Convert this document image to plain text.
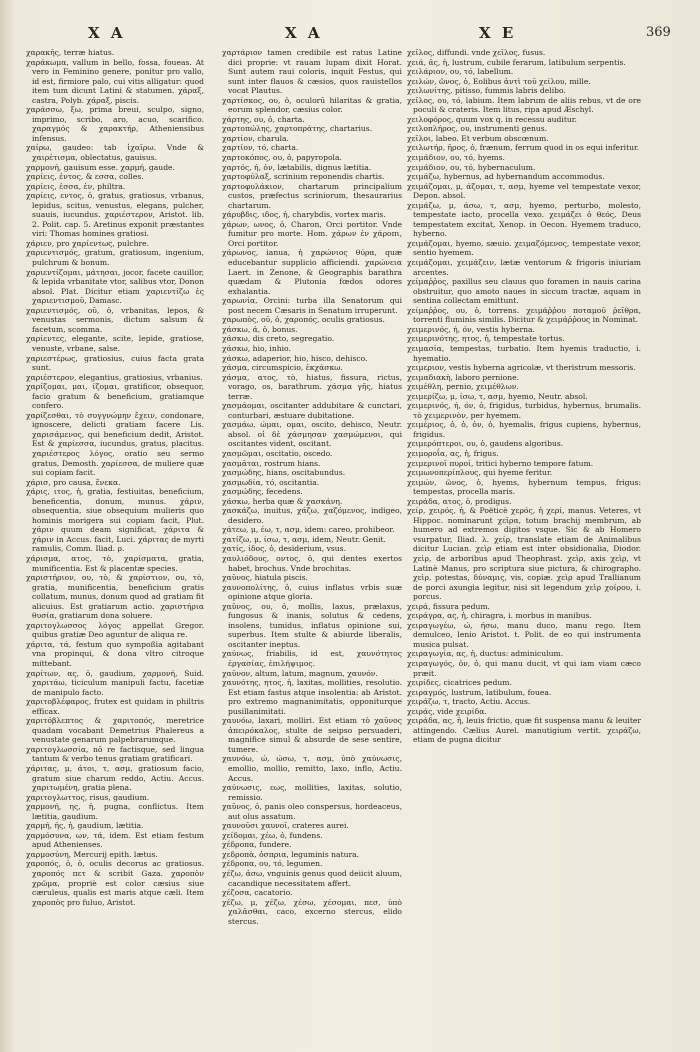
X A	X A	X E	369

χαρακῆς, terræ hiatus.

χαράκωμα, vallum in bello, fossa, foueas. At vero in Feminino genere, ponitur pro vallo, id est, firmiore palo, cui vitis alligatur: quod item tum dicunt Latini & statumen. χάραξ, castra, Polyb. χάραξ, piscis.

χαράσσω, ξω, prima breui, sculpo, signo, imprimo, scribo, aro, acuo, scarifico. χαραγμός & χαρακτήρ, Atheniensibus infensus.

χαίρω, gaudeo: tab ἰχαῖρω. Vnde & χαιρέτισμα, oblectatus, gauisus.

χαρμονή, gauisum esse. χαρμή, gaude.

χαρίεις, ἐντος, & εσσα, colles.

χαρίεις, ἐσσα, ἐν, philtra.

χαρίεις, εντος, ὁ, gratus, gratiosus, vrbanus, lepidus, scitus, venustus, elegans, pulcher, suauis, iucundus. χαριέστερον, Aristot. lib. 2. Polit. cap. 5. Aretinus exponit præstantes viri: Thomas homines gratiosi.

χάριεν, pro χαρίεντως, pulchre.

χαριεντισμός, gratum, gratiosum, ingenium, pulchrum & bonum.

χαριεντίζομαι, μάτησαι, jocor, facete cauillor, & lepida vrbanitate vtor, salibus vtor, Donon absol. Plat. Dicitur etiam χαριεντίζω ἐς χαριεντισμοῦ, Damasc.

χαριεντισμός, οῦ, ὁ, vrbanitas, lepos, & venustas sermonis, dictum salsum & facetum, scomma.

χαρίεντες, elegante, scite, lepide, gratiose, venuste, vrbane, salse.

χαριεστέρως, gratiosius, cuius facta grata sunt.

χαριέστερον, elegantius, gratiosius, vrbanius.

χαρίζομαι, μαι, ίζομαι, gratificor, obsequor, facio gratum & beneficium, gratiamque confero.

χαρίζεσθαι, τὸ συγγνώμην ἔχειν, condonare, ignoscere, delicti gratiam facere Lis. χαρισάμενος, qui beneficium dedit, Aristot. Est & χαρίεσσα, iucundus, gratus, placitus. χαριέστερος λόγος, oratio seu sermo gratus, Demosth. χαρίεσσα, de muliere quæ sui copiam facit.

χάρισ, pro causa, ἕνεκα.

χάρις, ιτος, ἡ, gratia, festiuitas, beneficium, beneficentia, donum, munus. χάριν, obsequentia, siue obsequium mulieris quo hominis morigera sui copiam facit, Plut. χάριν quum deam significat, χάριτα & χάριν in Accus. facit, Luci. χάριτας de myrti ramulis, Comm. Iliad. ρ.

χάρισμα, ατος, τὸ, χαρίσματα, gratia, munificentia. Est & placentæ species.

χαριστήριον, ου, τὸ, & χαρίστιον, ου, τὸ, gratia, munificentia, beneficium gratis collatum, munus, donum quod ad gratiam fit alicuius. Est gratiarum actio. χαριστήρια θυσία, gratiarum dona soluere.

χαριτογλωσσος λόγος appellat Gregor. quibus gratiæ Deo aguntur de aliqua re.

χάριτα, τά, festum quo sympoßia agitabant vna propinqui, & dona vltro citroque mittebant.

χαρίτων, ας, ὁ, gaudium, χαρμονή, Suid. χαριτάω, ticiculum manipuli factu, facetiæ de manipulo facto.

χαριτοβλέφαρος, frutex est quidam in philtris efficax.

χαριτόβλεπτος & χαριτοπός, meretrice quadam vocabant Demetrius Phalereus a venustate genarum palpebrarumque.

χαριτογλωσσία, nō re factisque, sed lingua tantum & verbo tenus gratiam gratificari.

χάριτας, μ, άτοι, τ, ασμ, gratiosum facio, gratum siue charum reddo, Actiu. Accus. χαριτωμένη, gratia plena.

χαριτογλωττος, risus, gaudium.

χαρμονή, ης, ἡ, pugna, conflictus. Item lætitia, gaudium.

χαρμή, ῆς, ἡ, gaudium, lætitia.

χαρμόσυνα, ων, τά, idem. Est etiam festum apud Athenienses.

χαρμοσύνη, Mercurij epith. lætus.

χαροπός, ὁ, ὁ, oculis decorus ac gratiosus. χαροπός πετ & scribit Gaza. χαροπὸν χρῶμα, propriè est color cæsius siue cæruleus, qualis est maris atque cæli. Item χαροπὸς pro fuluo, Aristot.

χαρτάριον tamen credibile est ratus Latine dici proprie: vt rauam lupam dixit Horat. Sunt autem raui coloris, inquit Festus, qui sunt inter flauos & cæsios, quos rauistellos vocat Plautus.

χαρτίσκος, ου, ὁ, oculorū hilaritas & gratia, eorum splendor, cæsius color.

χάρτης, ου, ὁ, charta.

χαρτοπώλης, χαρτοπράτης, chartarius.

χαρτίον, charula.

χαρτίον, τό, charta.

χαρτοκόπος, ου, ὁ, papyropola.

χαρτός, ή, ὀν, lætabilis, dignus lætitia.

χαρτοφύλαξ, scrinium reponendis chartis.

χαρτοφυλάκιον, chartarum principalium custos, præfectus scriniorum, thesaurarius chartarum.

χάρυβδις, ιδος, ἡ, charybdis, vortex maris.

χάρων, ωνος, ὁ, Charon, Orci portitor. Vnde fumitur pro morte. Hom. χάρων ἐν χάροπι, Orci portitor.

χάρωνος, ianua, ἡ χαρώνιος θύρα, quæ educebantur supplicio afficiendi. χαρώνεια Laert. in Zenone, & Geographis barathra quædam & Plutonia fœdos odores exhalantia.

χαρωνία, Orcini: turba illa Senatorum qui post necem Cæsaris in Senatum irruperunt.

χαρωπὸς, οῦ, ὁ, χαροπός, oculis gratiosus.

χάσκω, ά, ὁ, bonus.

χάσκω, dis creto, segregatio.

χάσκω, hio, inhio.

χάσκω, adaperior, hio, hisco, dehisco.

χάσμα, circumspicio, ἐκχάσκω.

χάσμα, ατος, τὸ, hiatus, fissura, rictus, vorago, os, barathrum. χάσμα γῆς, hiatus terræ.

χασμάομαι, oscitanter addubitare & cunctari, conturbari, æstuare dubitatione.

χασμάω, ώμαι, ομαι, oscito, dehisco, Neutr. absol. οἱ δὲ χάσμησαν χασμώμενοι, qui oscitantes vident, oscitant.

χασμῶμαι, oscitatio, oscedo.

χασμᾶται, rostrum hians.

χασμώδης, hians, oscitabundus.

χασμωδία, τό, oscitantia.

χασμώδης, fecedens.

χάσκω, herba quæ & χασκάνη.

χασκάζω, inuitus, χάζω, χαζόμενος, indigeo, desidero.

χάτεω, μ, έω, τ, ασμ, idem: careo, prohibeor.

χατίζω, μ, ίσω, τ, ασμ, idem, Neutr. Genit.

χατίς, ίδος, ὁ, desiderium, vsus.

χαυλιόδους, οντος, ὁ, qui dentes exertos habet, brochus. Vnde brochitas.

χαῦνος, hiatula piscis.

χαυνοπολίτης, ὁ, cuius inflatus vrbis suæ opinione atque gloria.

χαῦνος, ου, ὁ, mollis, laxus, prælaxus, fungosus & inanis, solutus & cedens, insolens, tumidus, inflatus opinione sui, superbus. Item stulte & abiurde liberalis, oscitanter ineptus.

χαύνως, friabilis, id est, χαυνότητος ἐργασίας, ἐπιλήψιμος.

χαῦνον, altum, latum, magnum, χαυνόν.

χαυνότης, ητος, ἡ, laxitas, mollities, resolutio. Est etiam fastus atque insolentia: ab Aristot. pro extremo magnanimitatis, opponiturque pusillanimitati.

χαυνόω, laxari, molliri. Est etiam τὸ χαῦνος ἀπειρόκαλος, stulte de seipso persuaderi, magnifice simul & absurde de sese sentire, tumere.

χαυνόω, ώ, ώσω, τ, ασμ, ὑπὸ χαύνωσις, emollio, mollio, remitto, laxo, inflo, Actiu. Accus.

χαύνωσις, εως, mollities, laxitas, solutio, remissio.

χαῦνος, ὁ, panis oleo conspersus, hordeaceus, aut olus assatum.

χαυνοῦσι χαυνοῖ, crateres aurei.

χείδομαι, χέω, ὁ, fundens.

χέδροπα, fundere.

χεδροπὰ, ὀσπρια, leguminis natura.

χέδροπα, ου, τό, legumen.

χέζω, ἀσω, vnguinis genus quod deiicit aluum, cacandique necessitatem affert.

χέζοσα, cacatorio.

χέζω, μ, χέζω, χέσω, χέσομαι, πεσ, ὑπὸ χαλᾶσθαι, caco, excerno stercus, elido stercus.

χεῖλος, diffundi. vnde χεῖλος, fusus.

χειά, ᾶς, ἡ, lustrum, cubile ferarum, latibulum serpentis.

χειλάριον, ου, τό, labellum.

χειλών, ῶνος, ὁ, Eolibus ἀντὶ τοῦ χείλου, mille.

χειλωνίτης, pitisso, fummis labris delibo.

χεῖλος, ου, τό, labium. Item labrum de aliis rebus, vt de ore poculi & crateris. Item litus, ripa apud Æschyl.

χειλοφόρος, quum vox q. in recessu auditur.

χειλοπλήρος, ου, instrumenti genus.

χεῖλοι, labeo. Et verbum obscœnum.

χειλωτήρ, ῆρος, ὁ, frænum, ferrum quod in os equi inferitur.

χειμάδιον, ου, τό, hyems.

χειμάδιον, ου, τό, hybernaculum.

χειμάζω, hybernus, ad hybernandum accommodus.

χειμάζομαι, μ, άζομαι, τ, ασμ, hyeme vel tempestate vexor, Depon. absol.

χειμάζω, μ, άσω, τ, ασμ, hyemo, perturbo, molesto, tempestate iacto, procella vexo. χειμάζει ὁ θεός, Deus tempestatem excitat, Xenop. in Oecon. Hyemem traduco, hyberno.

χειμάζομαι, hyemo, sæuio. χειμαζόμενος, tempestate vexor, sentio hyemem.

χειμάζομαι, χειμάζειν, lætæ ventorum & frigoris iniuriam arcentes.

χείμαῤῥος, paxillus seu clauus quo foramen in nauis carina obstruitur, quo amoto naues in siccum tractæ, aquam in sentina collectam emittunt.

χείμαῤῥος, ου, ὁ, torrens. χειμάῤῥου ποταμοῦ ῥεῖθρα, torrenti fluminis similis. Dicitur & χειμάῤῥους in Nominat.

χειμερινός, ή, όν, vestis hyberna.

χειμερινότης, ητος, ἡ, tempestate tortus.

χειμασία, tempestas, turbatio. Item hyemis traductio, i. hyematio.

χειμεριον, vestis hyberna agricolæ, vt theristrum messoris.

χειμαδιακὴ, laboro pernione.

χειμέθλη, pernio, χειμέθλων.

χειμερίζω, μ, ίσω, τ, ασμ, hyemo, Neutr. absol.

χειμερινός, ή, όν, ὁ, frigidus, turbidus, hybernus, brumalis. τὸ χειμερινὸν, per hyemem.

χειμέριος, ὁ, ὁ, ὀν, ὁ, hyemalis, frigus cupiens, hybernus, frigidus.

χειμερόπτεροι, ου, ὁ, gaudens algoribus.

χειμοροΐα, ας, ἡ, frigus.

χειμερινοῖ πυροί, tritici hyberno tempore fatum.

χειμωνοπερίπλους, qui hyeme feritur.

χειμών, ῶνος, ὁ, hyems, hybernum tempus, frigus: tempestas, procella maris.

χειράδα, ατος, ὁ, prodigus.

χείρ, χειρός, ἡ, & Poëticè χερός, ἡ χερί, manus. Veteres, vt Hippoc. nominarunt χεῖρα, totum brachij membrum, ab humero ad extremos digitos vsque. Sic & ab Homero vsurpatur, Iliad. λ. χείρ, translate etiam de Animalibus dicitur Lucian. χεὶρ etiam est inter obsidionalia, Diodor. χεὶρ, de arboribus apud Theophrast. χεὶρ, axis χεὶρ, vt Latinè Manus, pro scriptura siue pictura, & chirographo. χεὶρ, potestas, δύναμις, vis, copiæ. χεὶρ apud Trallianum de porci axungia legitur, nisi sit legendum χεὶρ χοίρου, i. porcus.

χειρά, fissura pedum.

χειράγρα, ας, ἡ, chiragra, i. morbus in manibus.

χειραγωγέω, ώ, ήσω, manu duco, manu rego. Item demulceo, lenio Aristot. t. Polit. de eo qui instrumenta musica pulsat.

χειραγωγία, ας, ἡ, ductus: adminiculum.

χειραγωγός, ὀν, ὁ, qui manu ducit, vt qui iam viam cæco præit.

χειρίδες, cicatrices pedum.

χειραγμός, lustrum, latibulum, fouea.

χειράζω, τ, tracto, Actiu. Accus.

χειράς, vide χειρίδα.

χειράδα, ας, ἡ, leuis frictio, quæ fit suspensa manu & leuiter attingendo. Cælius Aurel. manutigium vertit. χειράζω, etiam de pugna dicitur
